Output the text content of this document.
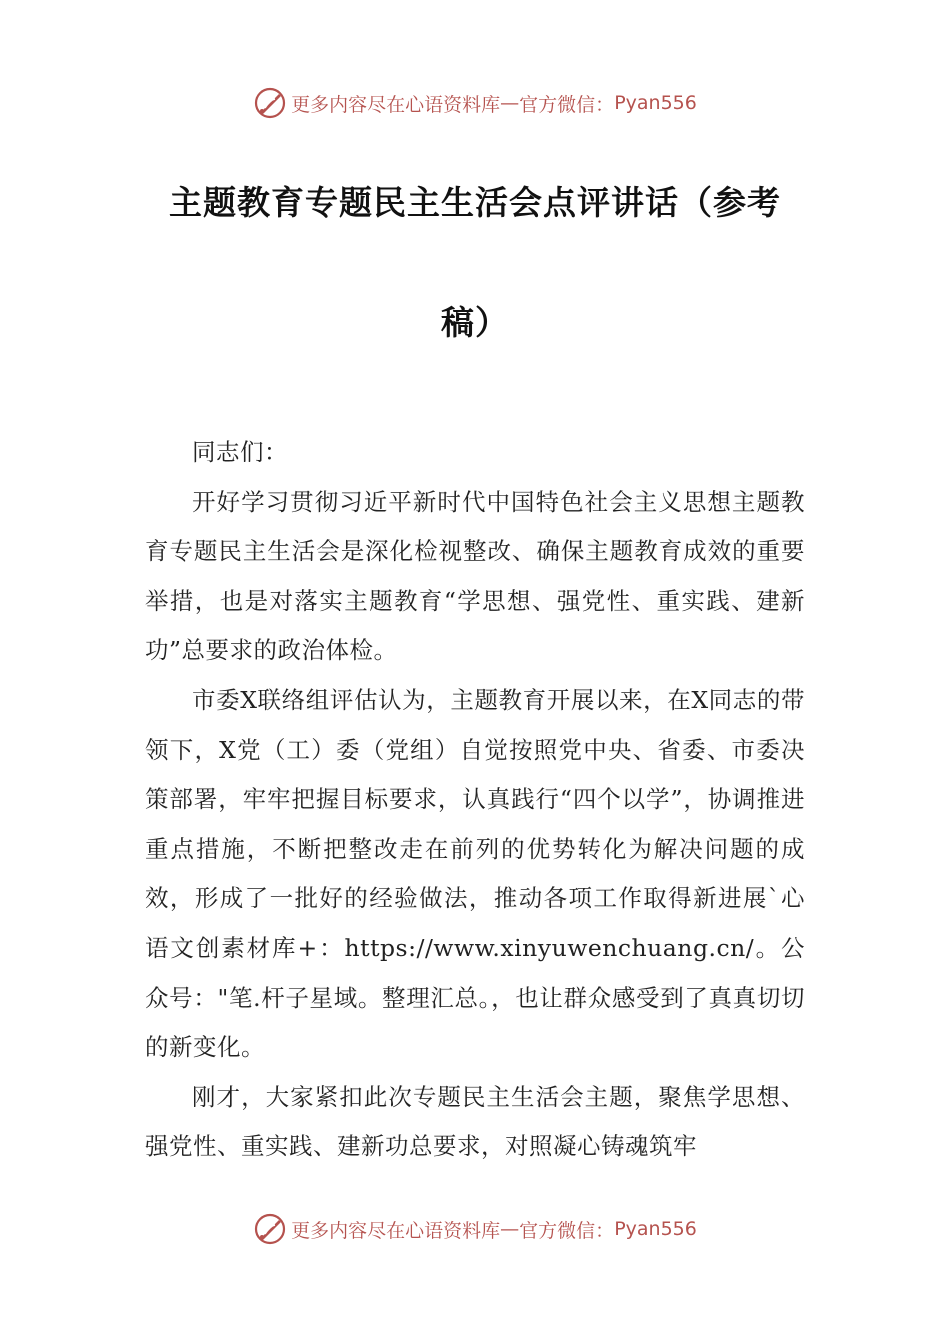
更多内容尽在心语资料库 — 官方微信： Pyan556
主题教育专题民主生活会点评讲话（参考
稿）

同志们：

开好学习贯彻习近平新时代中国特色社会主义思想主题教育专题民主生活会是深化检视整改、确保主题教育成效的重要举措，也是对落实主题教育“学思想、强党性、重实践、建新功”总要求的政治体检。

市委X联络组评估认为，主题教育开展以来，在X同志的带领下，X党（工）委（党组）自觉按照党中央、省委、市委决策部署，牢牢把握目标要求，认真践行“四个以学”，协调推进重点措施，不断把整改走在前列的优势转化为解决问题的成效，形成了一批好的经验做法，推动各项工作取得新进展`心语文创素材库+：https://www.xinyuwenchuang.cn/。公众号："笔.杆子星域。整理汇总。，也让群众感受到了真真切切的新变化。

刚才，大家紧扣此次专题民主生活会主题，聚焦学思想、强党性、重实践、建新功总要求，对照凝心铸魂筑牢

更多内容尽在心语资料库 — 官方微信： Pyan556
